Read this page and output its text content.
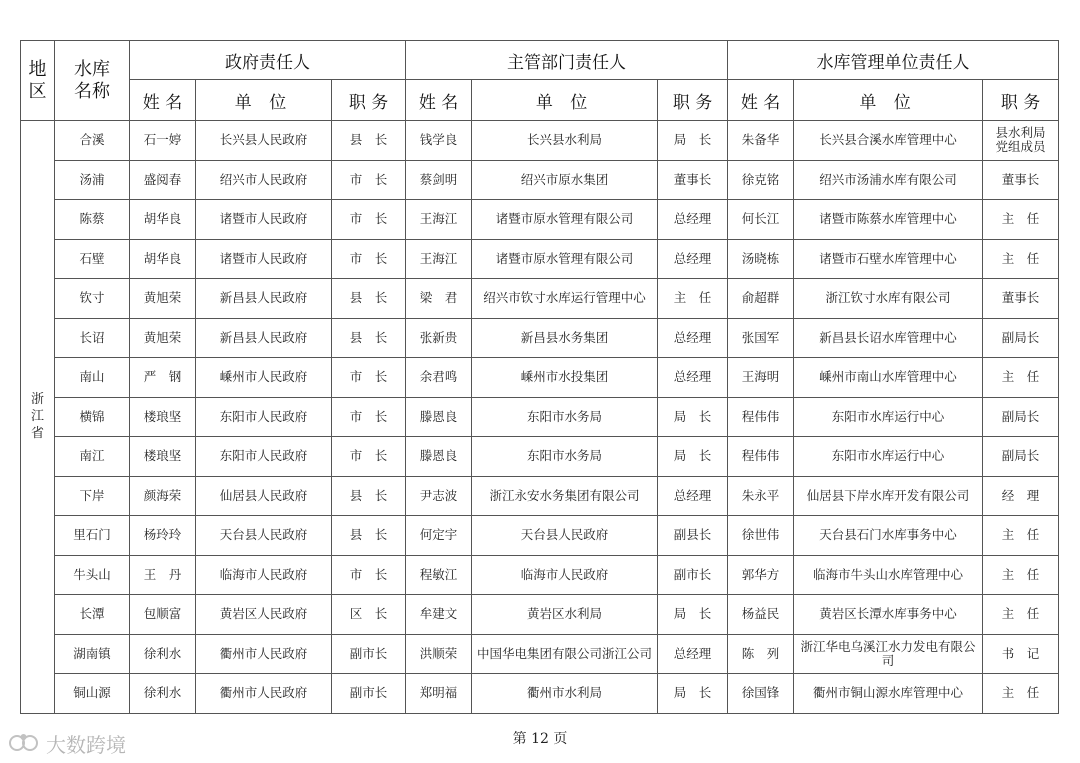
地区	水库名称	政府责任人			主管部门责任人			水库管理单位责任人		
		姓 名	单 位	职 务	姓 名	单 位	职 务	姓 名	单 位	职 务
浙江省	合溪	石一婷	长兴县人民政府	县　长	钱学良	长兴县水利局	局　长	朱备华	长兴县合溪水库管理中心	县水利局党组成员
	汤浦	盛阅春	绍兴市人民政府	市　长	蔡剑明	绍兴市原水集团	董事长	徐克铭	绍兴市汤浦水库有限公司	董事长
	陈蔡	胡华良	诸暨市人民政府	市　长	王海江	诸暨市原水管理有限公司	总经理	何长江	诸暨市陈蔡水库管理中心	主　任
	石壁	胡华良	诸暨市人民政府	市　长	王海江	诸暨市原水管理有限公司	总经理	汤晓栋	诸暨市石壁水库管理中心	主　任
	钦寸	黄旭荣	新昌县人民政府	县　长	梁　君	绍兴市钦寸水库运行管理中心	主　任	俞超群	浙江钦寸水库有限公司	董事长
	长诏	黄旭荣	新昌县人民政府	县　长	张新贵	新昌县水务集团	总经理	张国军	新昌县长诏水库管理中心	副局长
	南山	严　钢	嵊州市人民政府	市　长	余君鸣	嵊州市水投集团	总经理	王海明	嵊州市南山水库管理中心	主　任
	横锦	楼琅坚	东阳市人民政府	市　长	滕恩良	东阳市水务局	局　长	程伟伟	东阳市水库运行中心	副局长
	南江	楼琅坚	东阳市人民政府	市　长	滕恩良	东阳市水务局	局　长	程伟伟	东阳市水库运行中心	副局长
	下岸	颜海荣	仙居县人民政府	县　长	尹志波	浙江永安水务集团有限公司	总经理	朱永平	仙居县下岸水库开发有限公司	经　理
	里石门	杨玲玲	天台县人民政府	县　长	何定宇	天台县人民政府	副县长	徐世伟	天台县石门水库事务中心	主　任
	牛头山	王　丹	临海市人民政府	市　长	程敏江	临海市人民政府	副市长	郭华方	临海市牛头山水库管理中心	主　任
	长潭	包顺富	黄岩区人民政府	区　长	牟建文	黄岩区水利局	局　长	杨益民	黄岩区长潭水库事务中心	主　任
	湖南镇	徐利水	衢州市人民政府	副市长	洪顺荣	中国华电集团有限公司浙江公司	总经理	陈　列	浙江华电乌溪江水力发电有限公司	书　记
	铜山源	徐利水	衢州市人民政府	副市长	郑明福	衢州市水利局	局　长	徐国锋	衢州市铜山源水库管理中心	主　任
大数跨境	第 12 页
